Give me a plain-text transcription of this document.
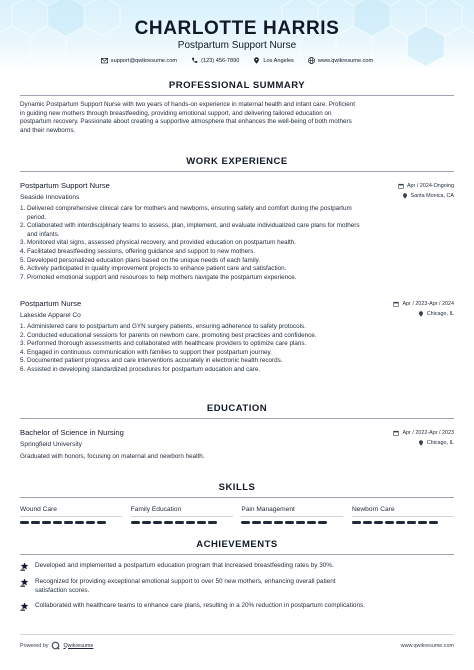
CHARLOTTE HARRIS
Postpartum Support Nurse
support@qwikresume.com	(123) 456-7890	Los Angeles	www.qwikresume.com
PROFESSIONAL SUMMARY
Dynamic Postpartum Support Nurse with two years of hands-on experience in maternal health and infant care. Proficient
in guiding new mothers through breastfeeding, providing emotional support, and delivering tailored education on
postpartum recovery. Passionate about creating a supportive atmosphere that enhances the well-being of both mothers
and their newborns.
WORK EXPERIENCE
Postpartum Support Nurse
Seaside Innovations
Apr / 2024-Ongoing
Santa Monica, CA
1. Delivered comprehensive clinical care for mothers and newborns, ensuring safety and comfort during the postpartum
period.
2. Collaborated with interdisciplinary teams to assess, plan, implement, and evaluate individualized care plans for mothers
and infants.
3. Monitored vital signs, assessed physical recovery, and provided education on postpartum health.
4. Facilitated breastfeeding sessions, offering guidance and support to new mothers.
5. Developed personalized education plans based on the unique needs of each family.
6. Actively participated in quality improvement projects to enhance patient care and satisfaction.
7. Promoted emotional support and resources to help mothers navigate the postpartum experience.
Postpartum Nurse
Lakeside Apparel Co
Apr / 2023-Apr / 2024
Chicago, IL
1. Administered care to postpartum and GYN surgery patients, ensuring adherence to safety protocols.
2. Conducted educational sessions for parents on newborn care, promoting best practices and confidence.
3. Performed thorough assessments and collaborated with healthcare providers to optimize care plans.
4. Engaged in continuous communication with families to support their postpartum journey.
5. Documented patient progress and care interventions accurately in electronic health records.
6. Assisted in developing standardized procedures for postpartum education and care.
EDUCATION
Bachelor of Science in Nursing
Springfield University
Apr / 2022-Apr / 2023
Chicago, IL
Graduated with honors, focusing on maternal and newborn health.
SKILLS
Wound Care	Family Education	Pain Management	Newborn Care
ACHIEVEMENTS
Developed and implemented a postpartum education program that increased breastfeeding rates by 30%.
Recognized for providing exceptional emotional support to over 50 new mothers, enhancing overall patient
satisfaction scores.
Collaborated with healthcare teams to enhance care plans, resulting in a 20% reduction in postpartum complications.
Powered by	Qwikresume	www.qwikresume.com
